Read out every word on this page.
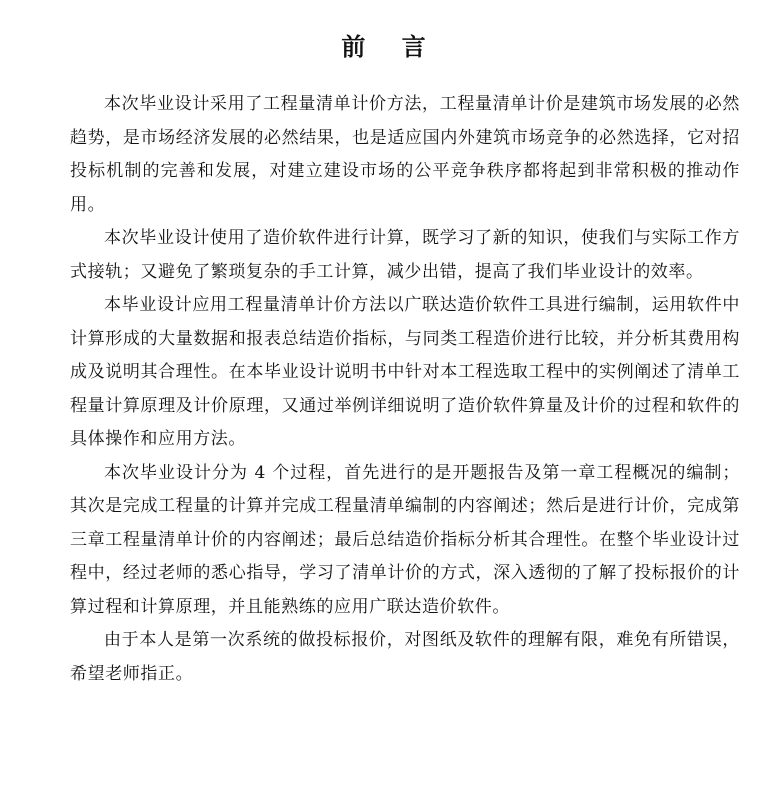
前 言

本次毕业设计采用了工程量清单计价方法，工程量清单计价是建筑市场发展的必然趋势，是市场经济发展的必然结果，也是适应国内外建筑市场竞争的必然选择，它对招投标机制的完善和发展，对建立建设市场的公平竞争秩序都将起到非常积极的推动作用。

本次毕业设计使用了造价软件进行计算，既学习了新的知识，使我们与实际工作方式接轨；又避免了繁琐复杂的手工计算，减少出错，提高了我们毕业设计的效率。

本毕业设计应用工程量清单计价方法以广联达造价软件工具进行编制，运用软件中计算形成的大量数据和报表总结造价指标，与同类工程造价进行比较，并分析其费用构成及说明其合理性。在本毕业设计说明书中针对本工程选取工程中的实例阐述了清单工程量计算原理及计价原理，又通过举例详细说明了造价软件算量及计价的过程和软件的具体操作和应用方法。

本次毕业设计分为 4 个过程，首先进行的是开题报告及第一章工程概况的编制；其次是完成工程量的计算并完成工程量清单编制的内容阐述；然后是进行计价，完成第三章工程量清单计价的内容阐述；最后总结造价指标分析其合理性。在整个毕业设计过程中，经过老师的悉心指导，学习了清单计价的方式，深入透彻的了解了投标报价的计算过程和计算原理，并且能熟练的应用广联达造价软件。

由于本人是第一次系统的做投标报价，对图纸及软件的理解有限，难免有所错误，希望老师指正。
